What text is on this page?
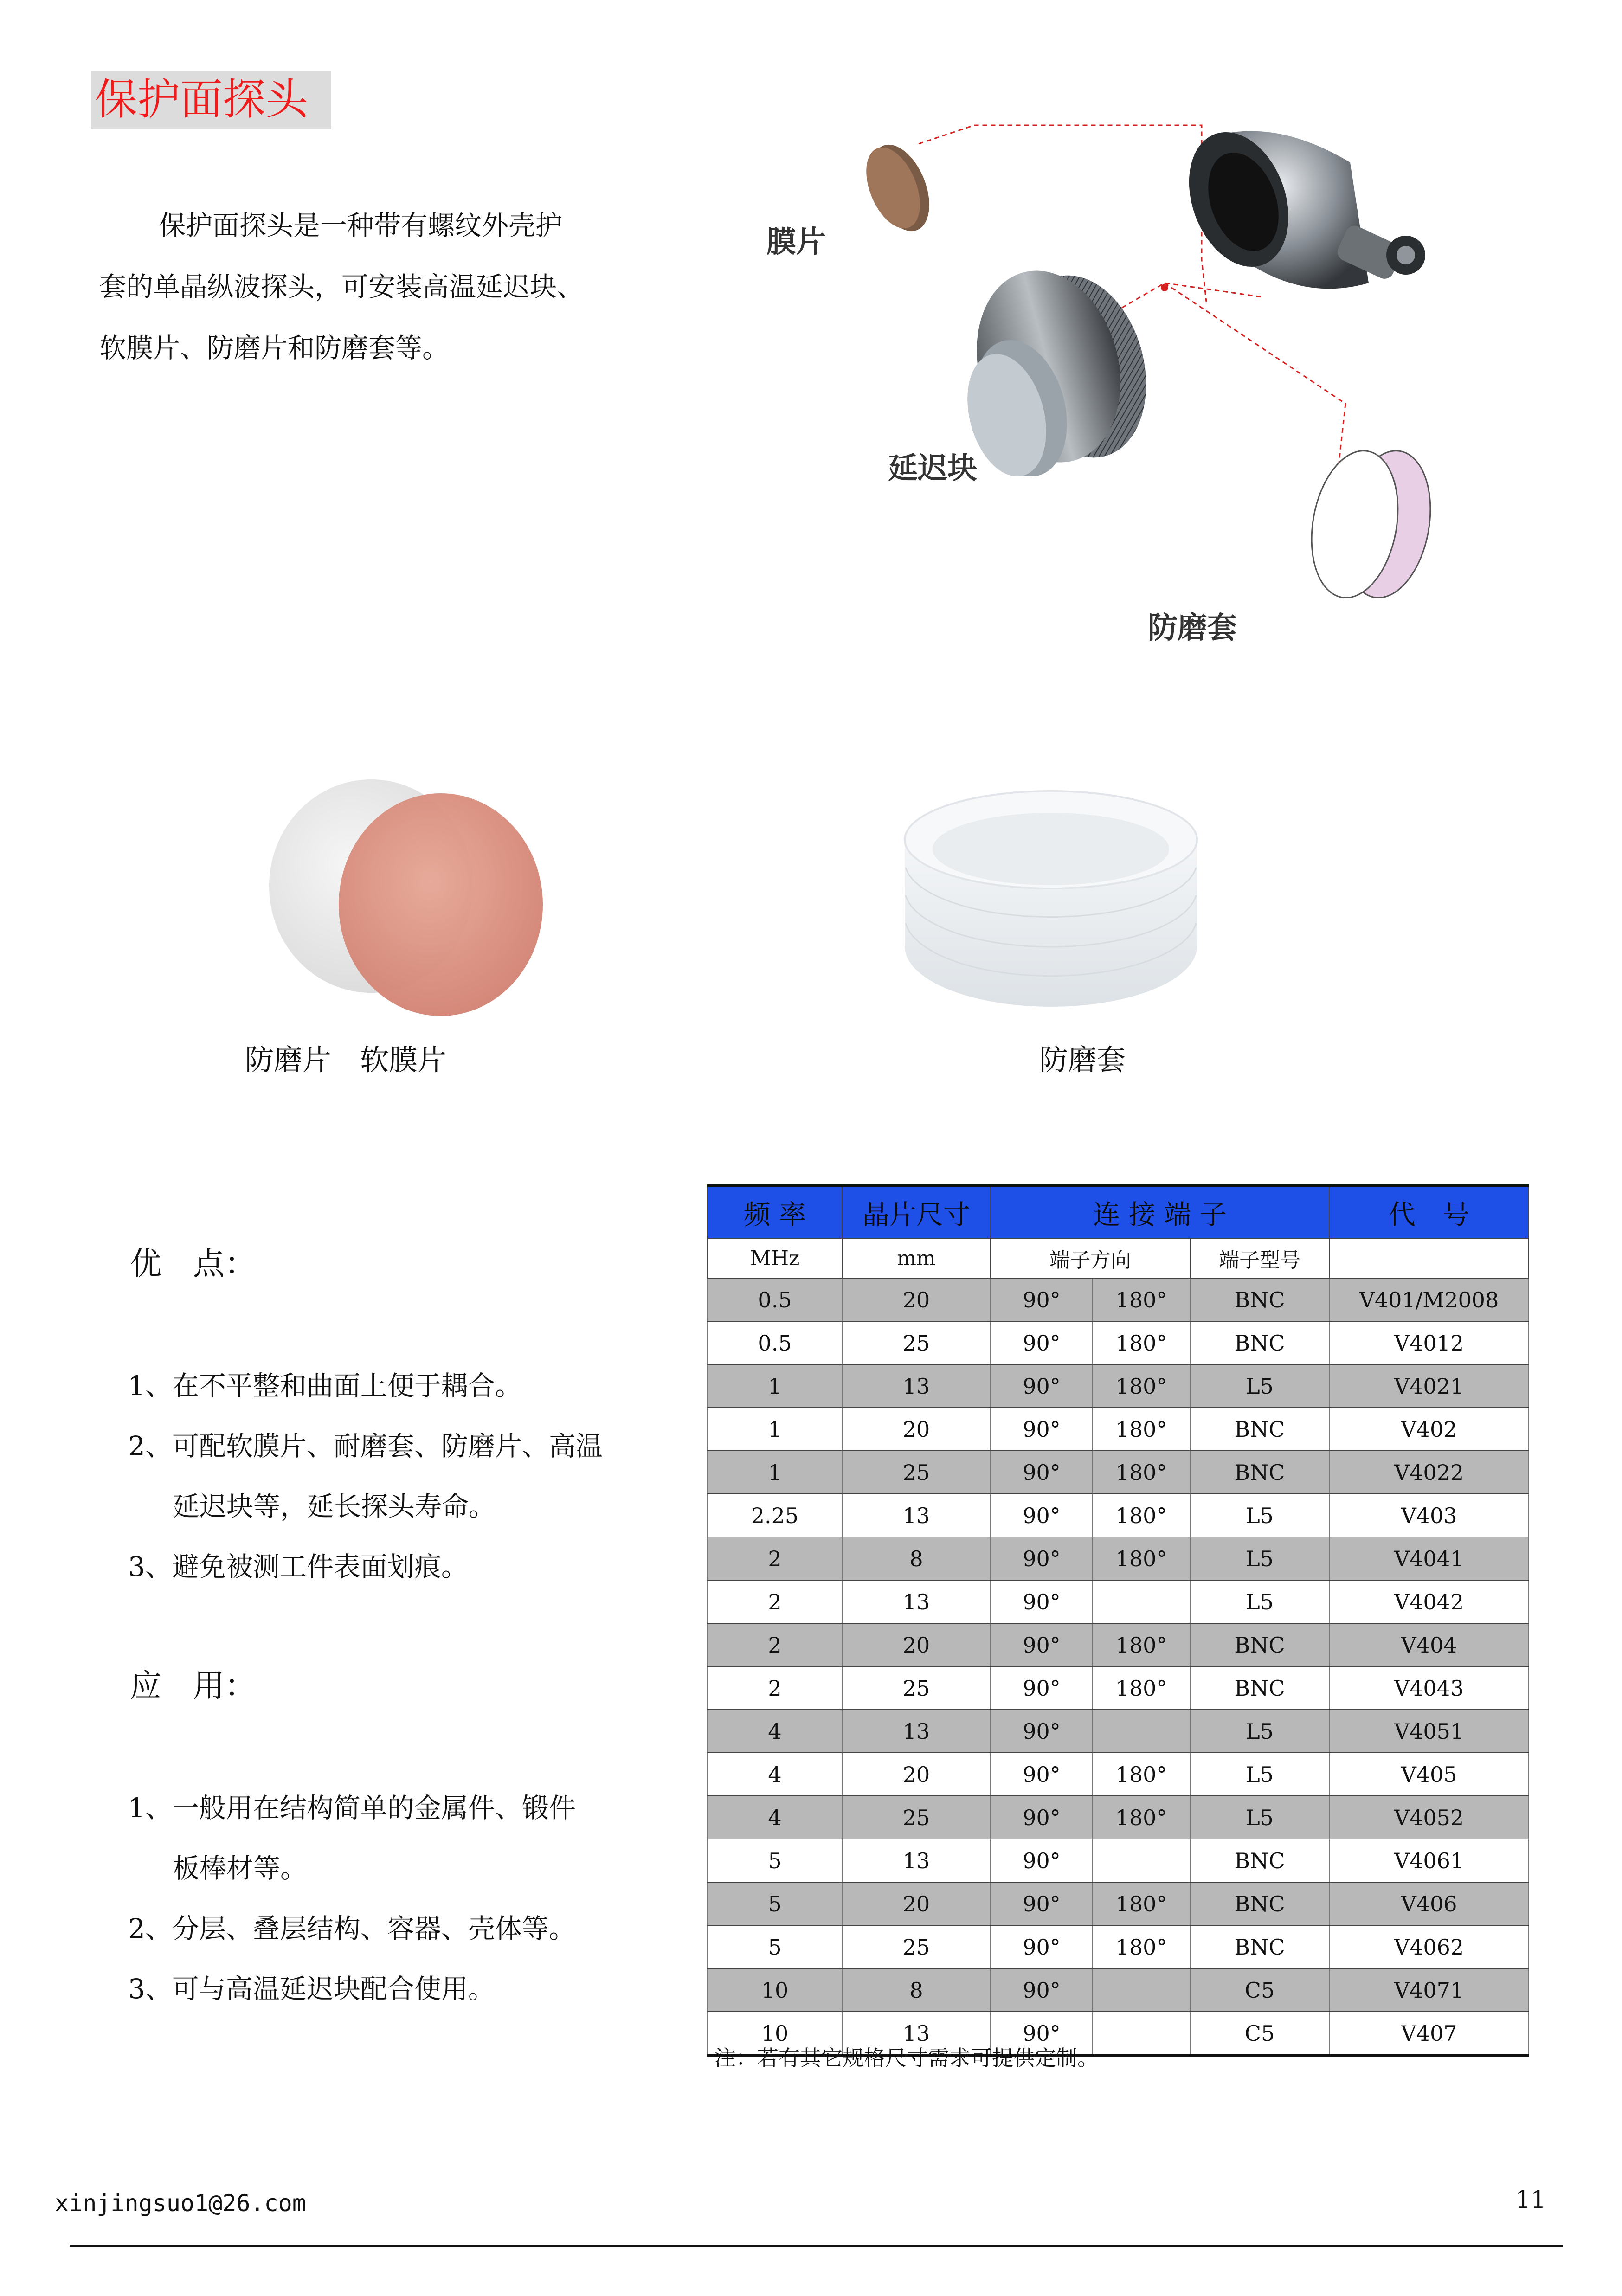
保护面探头

保护面探头是一种带有螺纹外壳护

套的单晶纵波探头，可安装高温延迟块、

软膜片、防磨片和防磨套等。

膜片
延迟块
防磨套
防磨片　软膜片	防磨套
优　点：
1、在不平整和曲面上便于耦合。
2、可配软膜片、耐磨套、防磨片、高温
延迟块等，延长探头寿命。
3、避免被测工件表面划痕。
应　用：
1、一般用在结构简单的金属件、锻件
板棒材等。
2、分层、叠层结构、容器、壳体等。
3、可与高温延迟块配合使用。
频 率	晶片尺寸	连 接 端 子			代　号
MHz	mm	端子方向		端子型号	
0.5	20	90°	180°	BNC	V401/M2008
0.5	25	90°	180°	BNC	V4012
1	13	90°	180°	L5	V4021
1	20	90°	180°	BNC	V402
1	25	90°	180°	BNC	V4022
2.25	13	90°	180°	L5	V403
2	8	90°	180°	L5	V4041
2	13	90°		L5	V4042
2	20	90°	180°	BNC	V404
2	25	90°	180°	BNC	V4043
4	13	90°		L5	V4051
4	20	90°	180°	L5	V405
4	25	90°	180°	L5	V4052
5	13	90°		BNC	V4061
5	20	90°	180°	BNC	V406
5	25	90°	180°	BNC	V4062
10	8	90°		C5	V4071
10	13	90°		C5	V407
注：若有其它规格尺寸需求可提供定制。
xinjingsuo1@26.com	11
